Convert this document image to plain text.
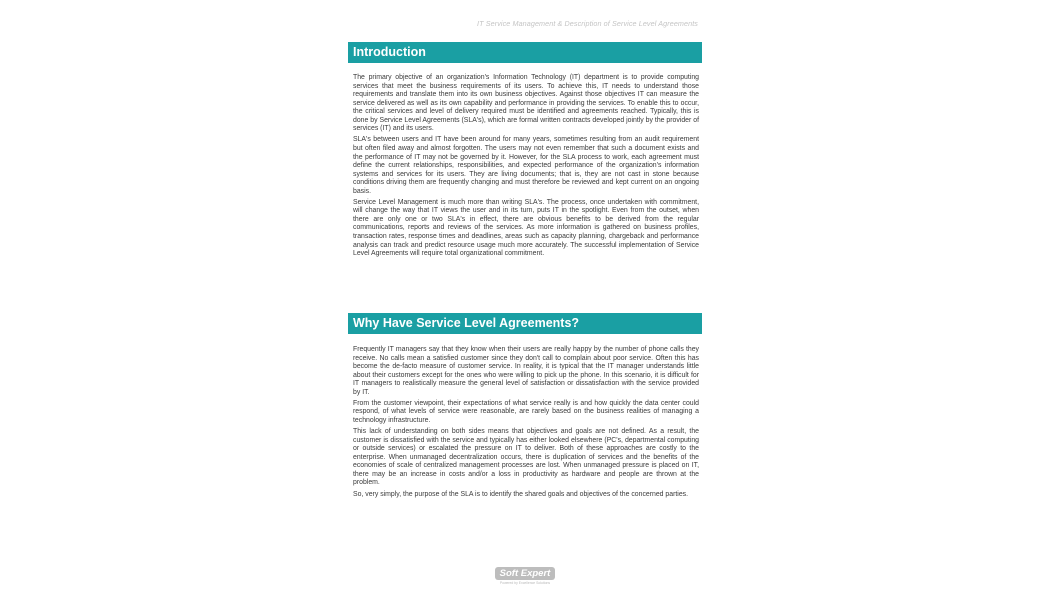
IT Service Management & Description of Service Level Agreements
Introduction

The primary objective of an organization's Information Technology (IT) department is to provide computing services that meet the business requirements of its users. To achieve this, IT needs to understand those requirements and translate them into its own business objectives. Against those objectives IT can measure the service delivered as well as its own capability and performance in providing the services. To enable this to occur, the critical services and level of delivery required must be identified and agreements reached. Typically, this is done by Service Level Agreements (SLA's), which are formal written contracts developed jointly by the provider of services (IT) and its users.

SLA's between users and IT have been around for many years, sometimes resulting from an audit requirement but often filed away and almost forgotten. The users may not even remember that such a document exists and the performance of IT may not be governed by it. However, for the SLA process to work, each agreement must define the current relationships, responsibilities, and expected performance of the organization's information systems and services for its users. They are living documents; that is, they are not cast in stone because conditions driving them are frequently changing and must therefore be reviewed and kept current on an ongoing basis.

Service Level Management is much more than writing SLA's. The process, once undertaken with commitment, will change the way that IT views the user and in its turn, puts IT in the spotlight. Even from the outset, when there are only one or two SLA's in effect, there are obvious benefits to be derived from the regular communications, reports and reviews of the services. As more information is gathered on business profiles, transaction rates, response times and deadlines, areas such as capacity planning, chargeback and performance analysis can track and predict resource usage much more accurately. The successful implementation of Service Level Agreements will require total organizational commitment.

Why Have Service Level Agreements?

Frequently IT managers say that they know when their users are really happy by the number of phone calls they receive. No calls mean a satisfied customer since they don't call to complain about poor service. Often this has become the de-facto measure of customer service. In reality, it is typical that the IT manager understands little about their customers except for the ones who were willing to pick up the phone. In this scenario, it is difficult for IT managers to realistically measure the general level of satisfaction or dissatisfaction with the service provided by IT.

From the customer viewpoint, their expectations of what service really is and how quickly the data center could respond, of what levels of service were reasonable, are rarely based on the business realities of managing a technology infrastructure.

This lack of understanding on both sides means that objectives and goals are not defined. As a result, the customer is dissatisfied with the service and typically has either looked elsewhere (PC's, departmental computing or outside services) or escalated the pressure on IT to deliver. Both of these approaches are costly to the enterprise. When unmanaged decentralization occurs, there is duplication of services and the benefits of the economies of scale of centralized management processes are lost. When unmanaged pressure is placed on IT, there may be an increase in costs and/or a loss in productivity as hardware and people are thrown at the problem.

So, very simply, the purpose of the SLA is to identify the shared goals and objectives of the concerned parties.

Soft Expert
Powered by Excellence Solutions
